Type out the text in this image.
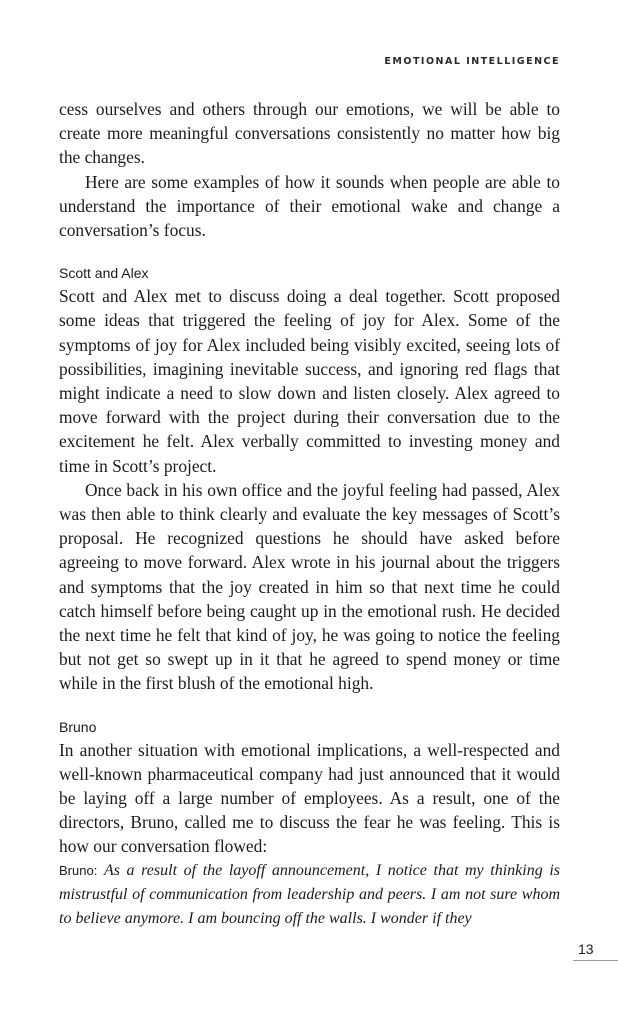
EMOTIONAL INTELLIGENCE

cess ourselves and others through our emotions, we will be able to create more meaningful conversations consistently no matter how big the changes.

Here are some examples of how it sounds when people are able to understand the importance of their emotional wake and change a conversation’s focus.

Scott and Alex

Scott and Alex met to discuss doing a deal together. Scott proposed some ideas that triggered the feeling of joy for Alex. Some of the symptoms of joy for Alex included being visibly excited, seeing lots of possibilities, imagining inevitable success, and ignoring red flags that might indicate a need to slow down and listen closely. Alex agreed to move forward with the project during their conversation due to the excitement he felt. Alex verbally committed to investing money and time in Scott’s project.

Once back in his own office and the joyful feeling had passed, Alex was then able to think clearly and evaluate the key messages of Scott’s proposal. He recognized questions he should have asked before agreeing to move forward. Alex wrote in his journal about the triggers and symptoms that the joy created in him so that next time he could catch himself before being caught up in the emotional rush. He decided the next time he felt that kind of joy, he was going to notice the feeling but not get so swept up in it that he agreed to spend money or time while in the first blush of the emotional high.

Bruno

In another situation with emotional implications, a well-respected and well-known pharmaceutical company had just announced that it would be laying off a large number of employees. As a result, one of the directors, Bruno, called me to discuss the fear he was feeling. This is how our conversation flowed:

Bruno: As a result of the layoff announcement, I notice that my thinking is mistrustful of communication from leadership and peers. I am not sure whom to believe anymore. I am bouncing off the walls. I wonder if they

13
